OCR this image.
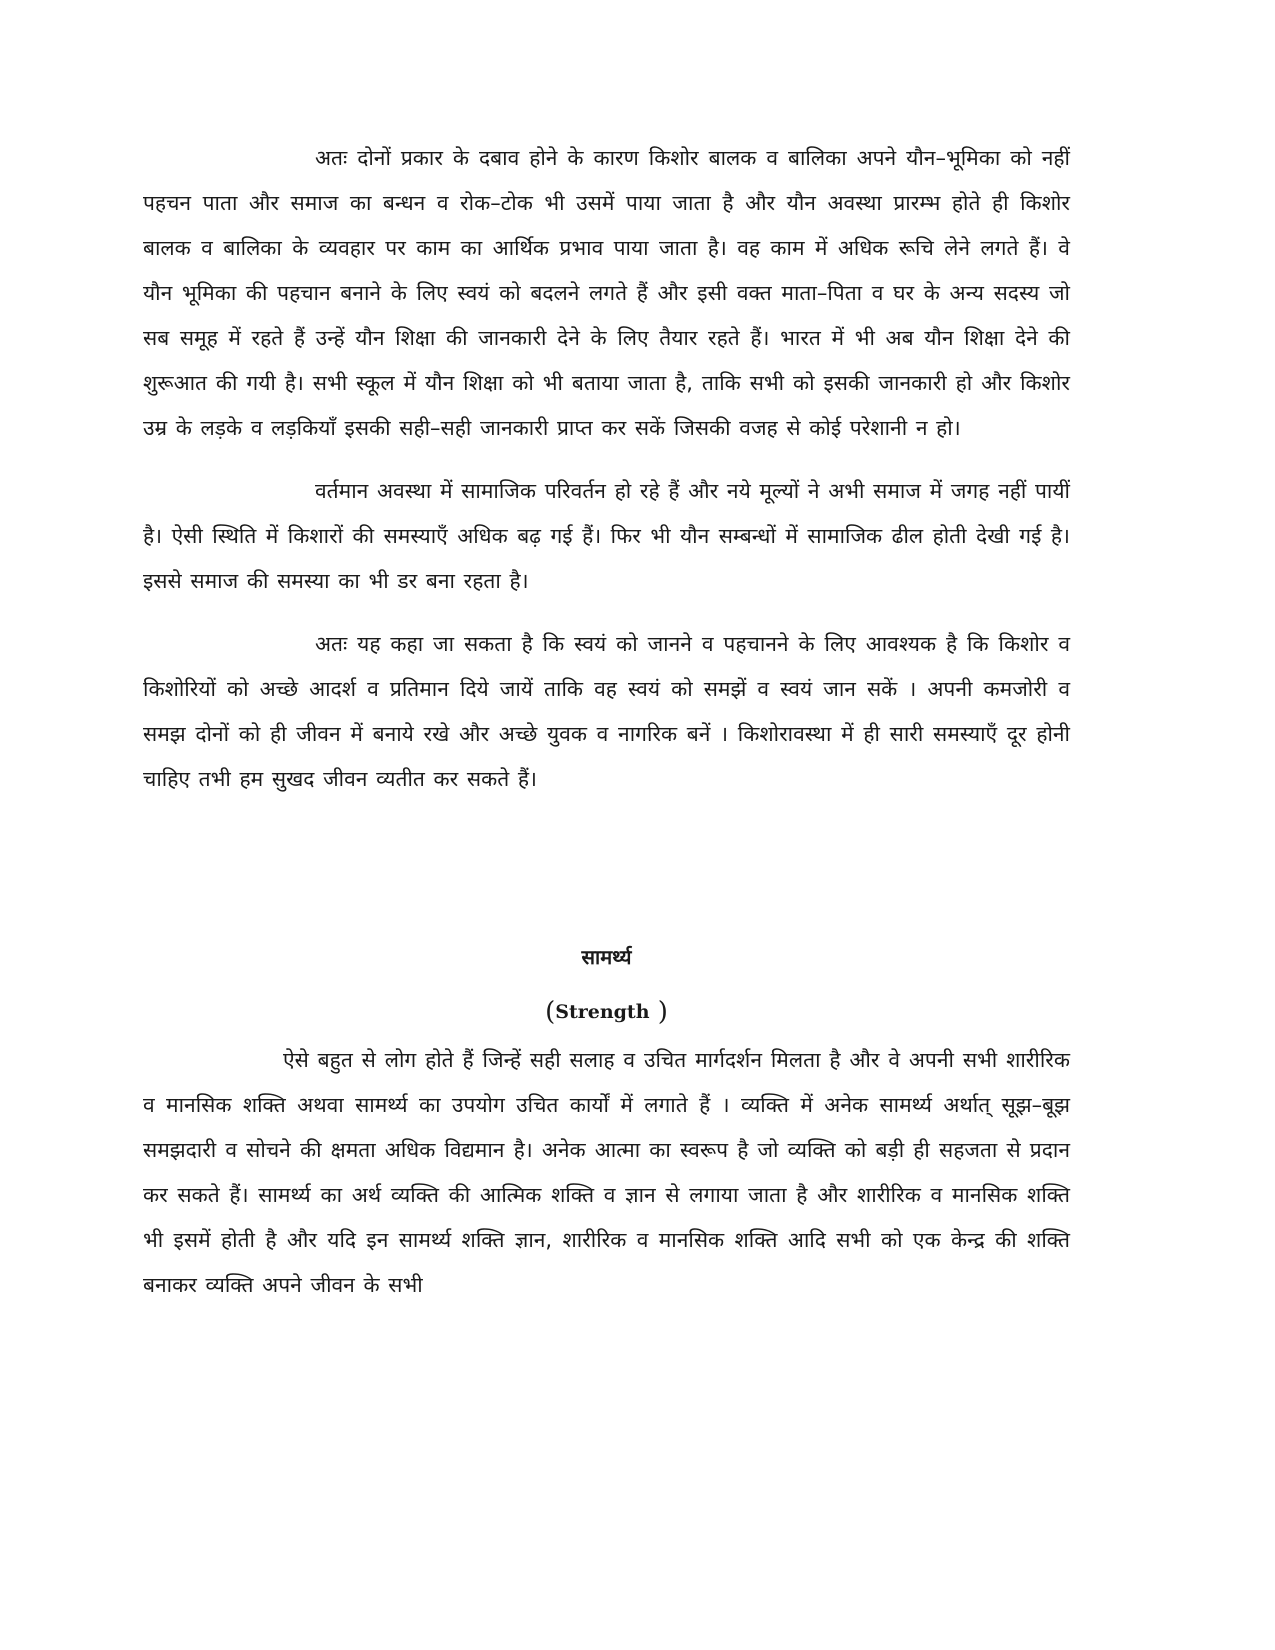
अतः दोनों प्रकार के दबाव होने के कारण किशोर बालक व बालिका अपने यौन–भूमिका को नहीं पहचन पाता और समाज का बन्धन व रोक–टोक भी उसमें पाया जाता है और यौन अवस्था प्रारम्भ होते ही किशोर बालक व बालिका के व्यवहार पर काम का आर्थिक प्रभाव पाया जाता है। वह काम में अधिक रूचि लेने लगते हैं। वे यौन भूमिका की पहचान बनाने के लिए स्वयं को बदलने लगते हैं और इसी वक्त माता–पिता व घर के अन्य सदस्य जो सब समूह में रहते हैं उन्हें यौन शिक्षा की जानकारी देने के लिए तैयार रहते हैं। भारत में भी अब यौन शिक्षा देने की शुरूआत की गयी है। सभी स्कूल में यौन शिक्षा को भी बताया जाता है, ताकि सभी को इसकी जानकारी हो और किशोर उम्र के लड़के व लड़कियाँ इसकी सही–सही जानकारी प्राप्त कर सकें जिसकी वजह से कोई परेशानी न हो।

वर्तमान अवस्था में सामाजिक परिवर्तन हो रहे हैं और नये मूल्यों ने अभी समाज में जगह नहीं पायीं है। ऐसी स्थिति में किशारों की समस्याएँ अधिक बढ़ गई हैं। फिर भी यौन सम्बन्धों में सामाजिक ढील होती देखी गई है। इससे समाज की समस्या का भी डर बना रहता है।

अतः यह कहा जा सकता है कि स्वयं को जानने व पहचानने के लिए आवश्यक है कि किशोर व किशोरियों को अच्छे आदर्श व प्रतिमान दिये जायें ताकि वह स्वयं को समझें व स्वयं जान सकें । अपनी कमजोरी व समझ दोनों को ही जीवन में बनाये रखे और अच्छे युवक व नागरिक बनें । किशोरावस्था में ही सारी समस्याएँ दूर होनी चाहिए तभी हम सुखद जीवन व्यतीत कर सकते हैं।

सामर्थ्य
(Strength )

ऐसे बहुत से लोग होते हैं जिन्हें सही सलाह व उचित मार्गदर्शन मिलता है और वे अपनी सभी शारीरिक व मानसिक शक्ति अथवा सामर्थ्य का उपयोग उचित कार्यों में लगाते हैं । व्यक्ति में अनेक सामर्थ्य अर्थात् सूझ–बूझ समझदारी व सोचने की क्षमता अधिक विद्यमान है। अनेक आत्मा का स्वरूप है जो व्यक्ति को बड़ी ही सहजता से प्रदान कर सकते हैं। सामर्थ्य का अर्थ व्यक्ति की आत्मिक शक्ति व ज्ञान से लगाया जाता है और शारीरिक व मानसिक शक्ति भी इसमें होती है और यदि इन सामर्थ्य शक्ति ज्ञान, शारीरिक व मानसिक शक्ति आदि सभी को एक केन्द्र की शक्ति बनाकर व्यक्ति अपने जीवन के सभी
